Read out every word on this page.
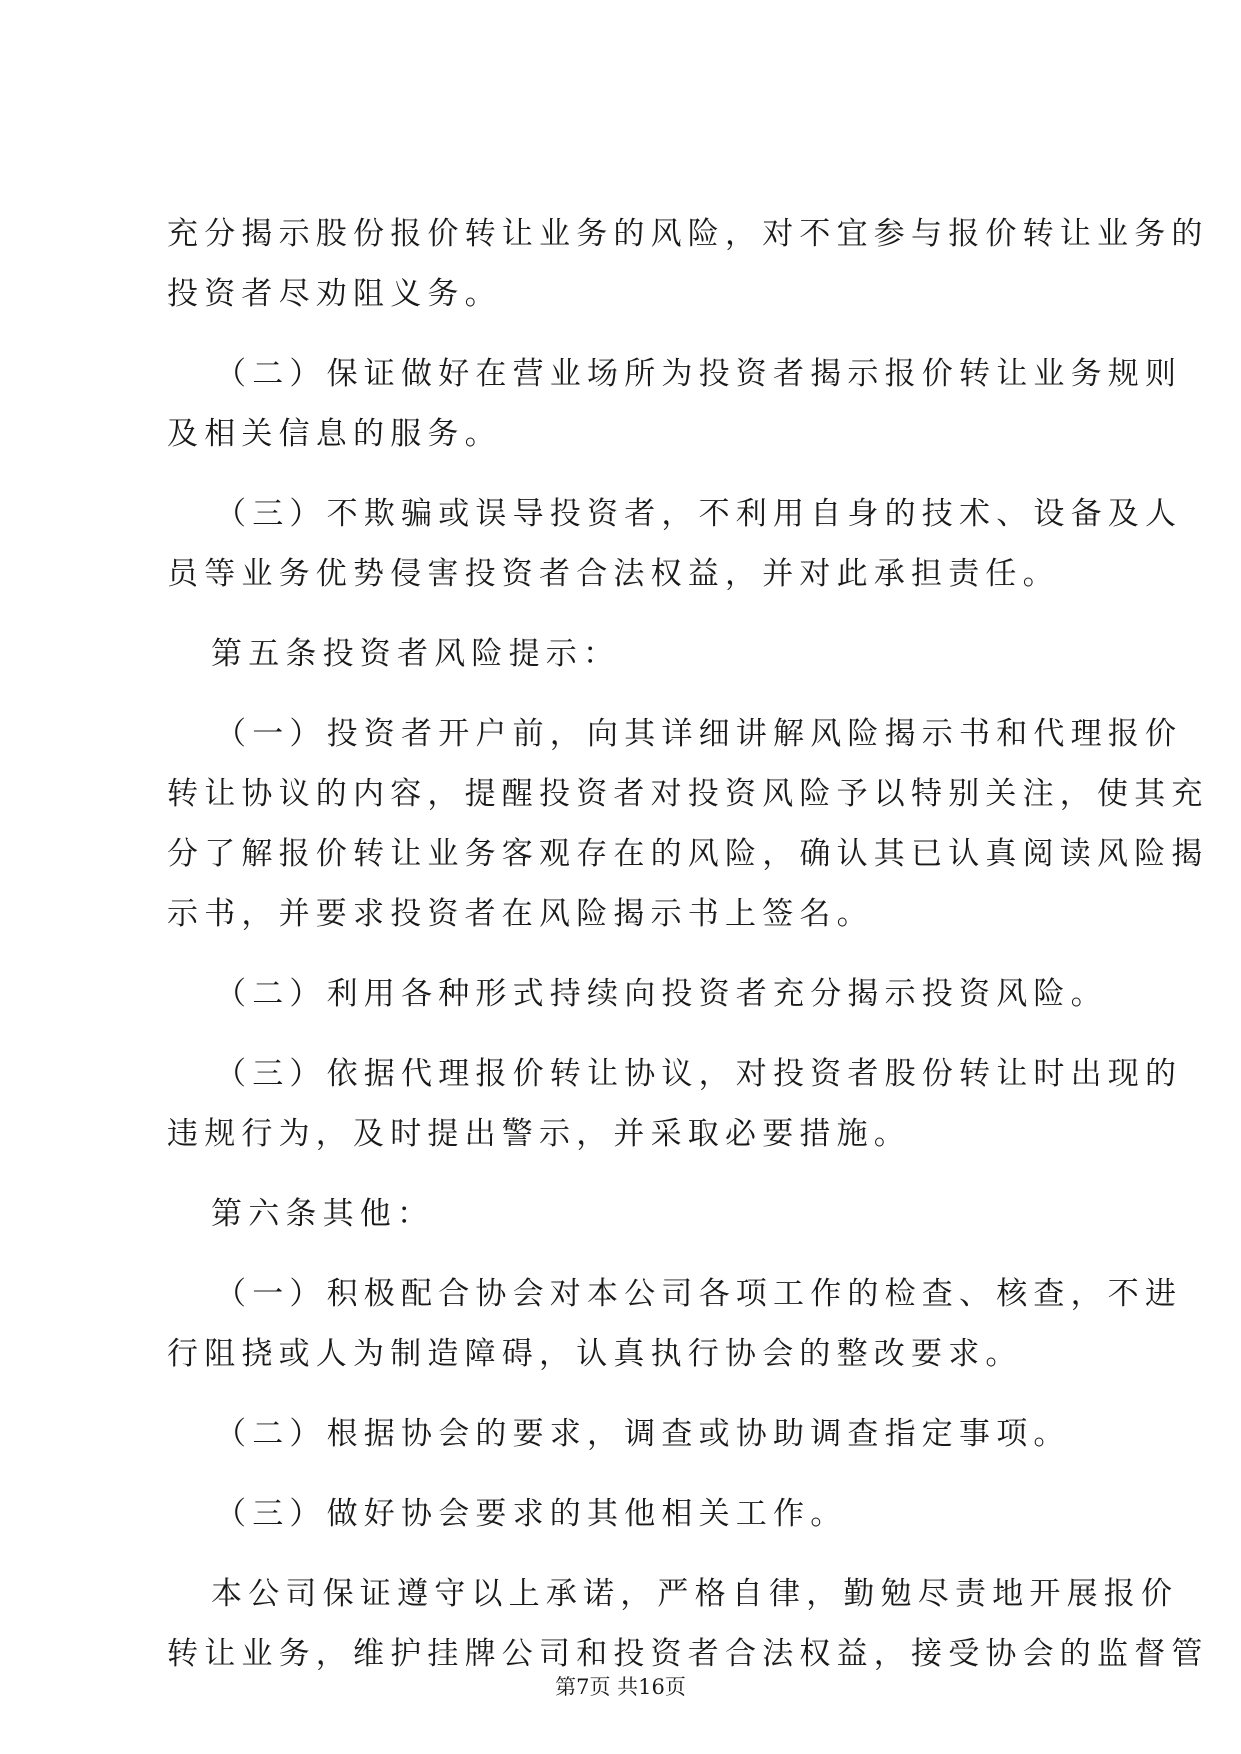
充分揭示股份报价转让业务的风险，对不宜参与报价转让业务的
投资者尽劝阻义务。
（二）保证做好在营业场所为投资者揭示报价转让业务规则
及相关信息的服务。
（三）不欺骗或误导投资者，不利用自身的技术、设备及人
员等业务优势侵害投资者合法权益，并对此承担责任。
第五条投资者风险提示：
（一）投资者开户前，向其详细讲解风险揭示书和代理报价
转让协议的内容，提醒投资者对投资风险予以特别关注，使其充
分了解报价转让业务客观存在的风险，确认其已认真阅读风险揭
示书，并要求投资者在风险揭示书上签名。
（二）利用各种形式持续向投资者充分揭示投资风险。
（三）依据代理报价转让协议，对投资者股份转让时出现的
违规行为，及时提出警示，并采取必要措施。
第六条其他：
（一）积极配合协会对本公司各项工作的检查、核查，不进
行阻挠或人为制造障碍，认真执行协会的整改要求。
（二）根据协会的要求，调查或协助调查指定事项。
（三）做好协会要求的其他相关工作。
本公司保证遵守以上承诺，严格自律，勤勉尽责地开展报价
转让业务，维护挂牌公司和投资者合法权益，接受协会的监督管
第7页 共16页
